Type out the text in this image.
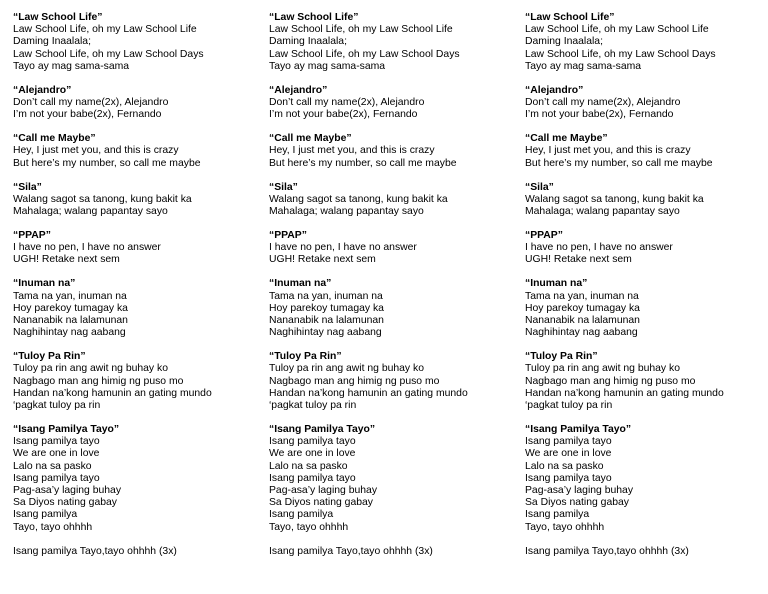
“Law School Life”
Law School Life, oh my Law School Life
Daming Inaalala;
Law School Life, oh my Law School Days
Tayo ay mag sama-sama
“Alejandro”
Don’t call my name(2x), Alejandro
I’m not your babe(2x), Fernando
“Call me Maybe”
Hey, I just met you, and this is crazy
But here’s my number, so call me maybe
“Sila”
Walang sagot sa tanong, kung bakit ka
Mahalaga; walang papantay sayo
“PPAP”
I have no pen, I have no answer
UGH! Retake next sem
“Inuman na”
Tama na yan, inuman na
Hoy parekoy tumagay ka
Nananabik na lalamunan
Naghihintay nag aabang
“Tuloy Pa Rin”
Tuloy pa rin ang awit ng buhay ko
Nagbago man ang himig ng puso mo
Handan na’kong hamunin an gating mundo
‘pagkat tuloy pa rin
“Isang Pamilya Tayo”
Isang pamilya tayo
We are one in love
Lalo na sa pasko
Isang pamilya tayo
Pag-asa’y laging buhay
Sa Diyos nating gabay
Isang pamilya
Tayo, tayo ohhhh
Isang pamilya Tayo,tayo ohhhh (3x)
“Law School Life”
Law School Life, oh my Law School Life
Daming Inaalala;
Law School Life, oh my Law School Days
Tayo ay mag sama-sama
“Alejandro”
Don’t call my name(2x), Alejandro
I’m not your babe(2x), Fernando
“Call me Maybe”
Hey, I just met you, and this is crazy
But here’s my number, so call me maybe
“Sila”
Walang sagot sa tanong, kung bakit ka
Mahalaga; walang papantay sayo
“PPAP”
I have no pen, I have no answer
UGH! Retake next sem
“Inuman na”
Tama na yan, inuman na
Hoy parekoy tumagay ka
Nananabik na lalamunan
Naghihintay nag aabang
“Tuloy Pa Rin”
Tuloy pa rin ang awit ng buhay ko
Nagbago man ang himig ng puso mo
Handan na’kong hamunin an gating mundo
‘pagkat tuloy pa rin
“Isang Pamilya Tayo”
Isang pamilya tayo
We are one in love
Lalo na sa pasko
Isang pamilya tayo
Pag-asa’y laging buhay
Sa Diyos nating gabay
Isang pamilya
Tayo, tayo ohhhh
Isang pamilya Tayo,tayo ohhhh (3x)
“Law School Life”
Law School Life, oh my Law School Life
Daming Inaalala;
Law School Life, oh my Law School Days
Tayo ay mag sama-sama
“Alejandro”
Don’t call my name(2x), Alejandro
I’m not your babe(2x), Fernando
“Call me Maybe”
Hey, I just met you, and this is crazy
But here’s my number, so call me maybe
“Sila”
Walang sagot sa tanong, kung bakit ka
Mahalaga; walang papantay sayo
“PPAP”
I have no pen, I have no answer
UGH! Retake next sem
“Inuman na”
Tama na yan, inuman na
Hoy parekoy tumagay ka
Nananabik na lalamunan
Naghihintay nag aabang
“Tuloy Pa Rin”
Tuloy pa rin ang awit ng buhay ko
Nagbago man ang himig ng puso mo
Handan na’kong hamunin an gating mundo
‘pagkat tuloy pa rin
“Isang Pamilya Tayo”
Isang pamilya tayo
We are one in love
Lalo na sa pasko
Isang pamilya tayo
Pag-asa’y laging buhay
Sa Diyos nating gabay
Isang pamilya
Tayo, tayo ohhhh
Isang pamilya Tayo,tayo ohhhh (3x)
